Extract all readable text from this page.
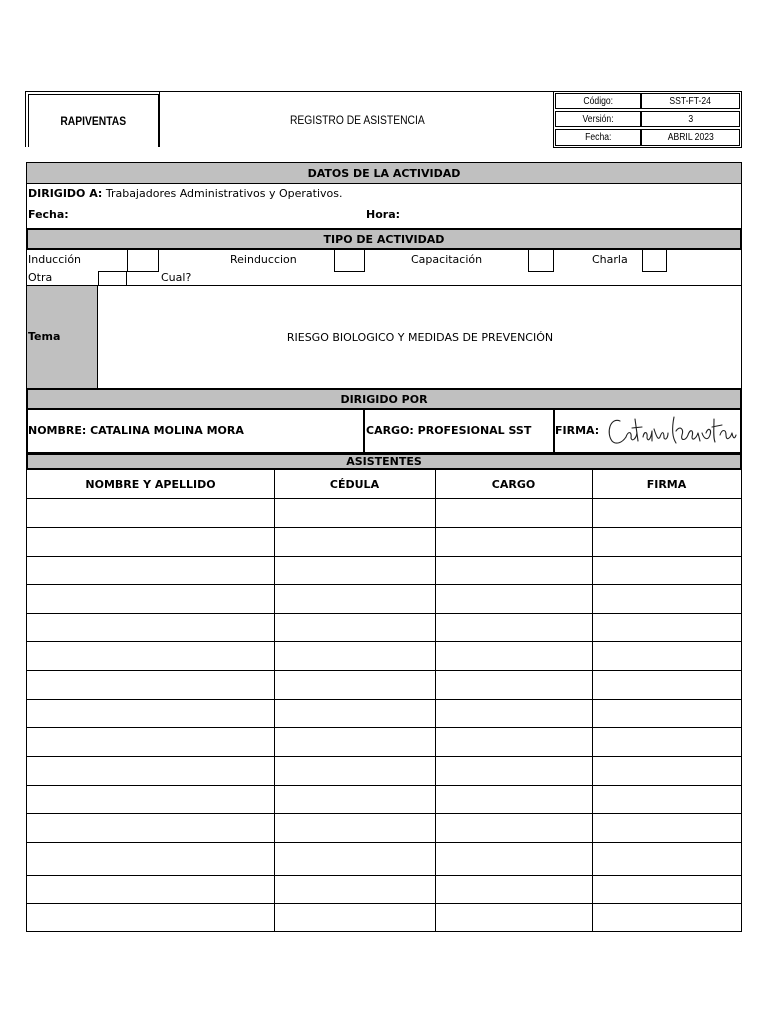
RAPIVENTAS	REGISTRO DE ASISTENCIA
Código:	SST-FT-24
Versión:	3
Fecha:	ABRIL 2023
DATOS DE LA ACTIVIDAD
DIRIGIDO A: Trabajadores Administrativos y Operativos.
Fecha:	Hora:
TIPO DE ACTIVIDAD
Inducción	Reinduccion	Capacitación	Charla
Otra	Cual?
Tema	RIESGO BIOLOGICO Y MEDIDAS DE PREVENCIÓN
DIRIGIDO POR
NOMBRE: CATALINA MOLINA MORA	CARGO: PROFESIONAL SST FIRMA:
ASISTENTES
NOMBRE Y APELLIDO	CÉDULA	CARGO	FIRMA
